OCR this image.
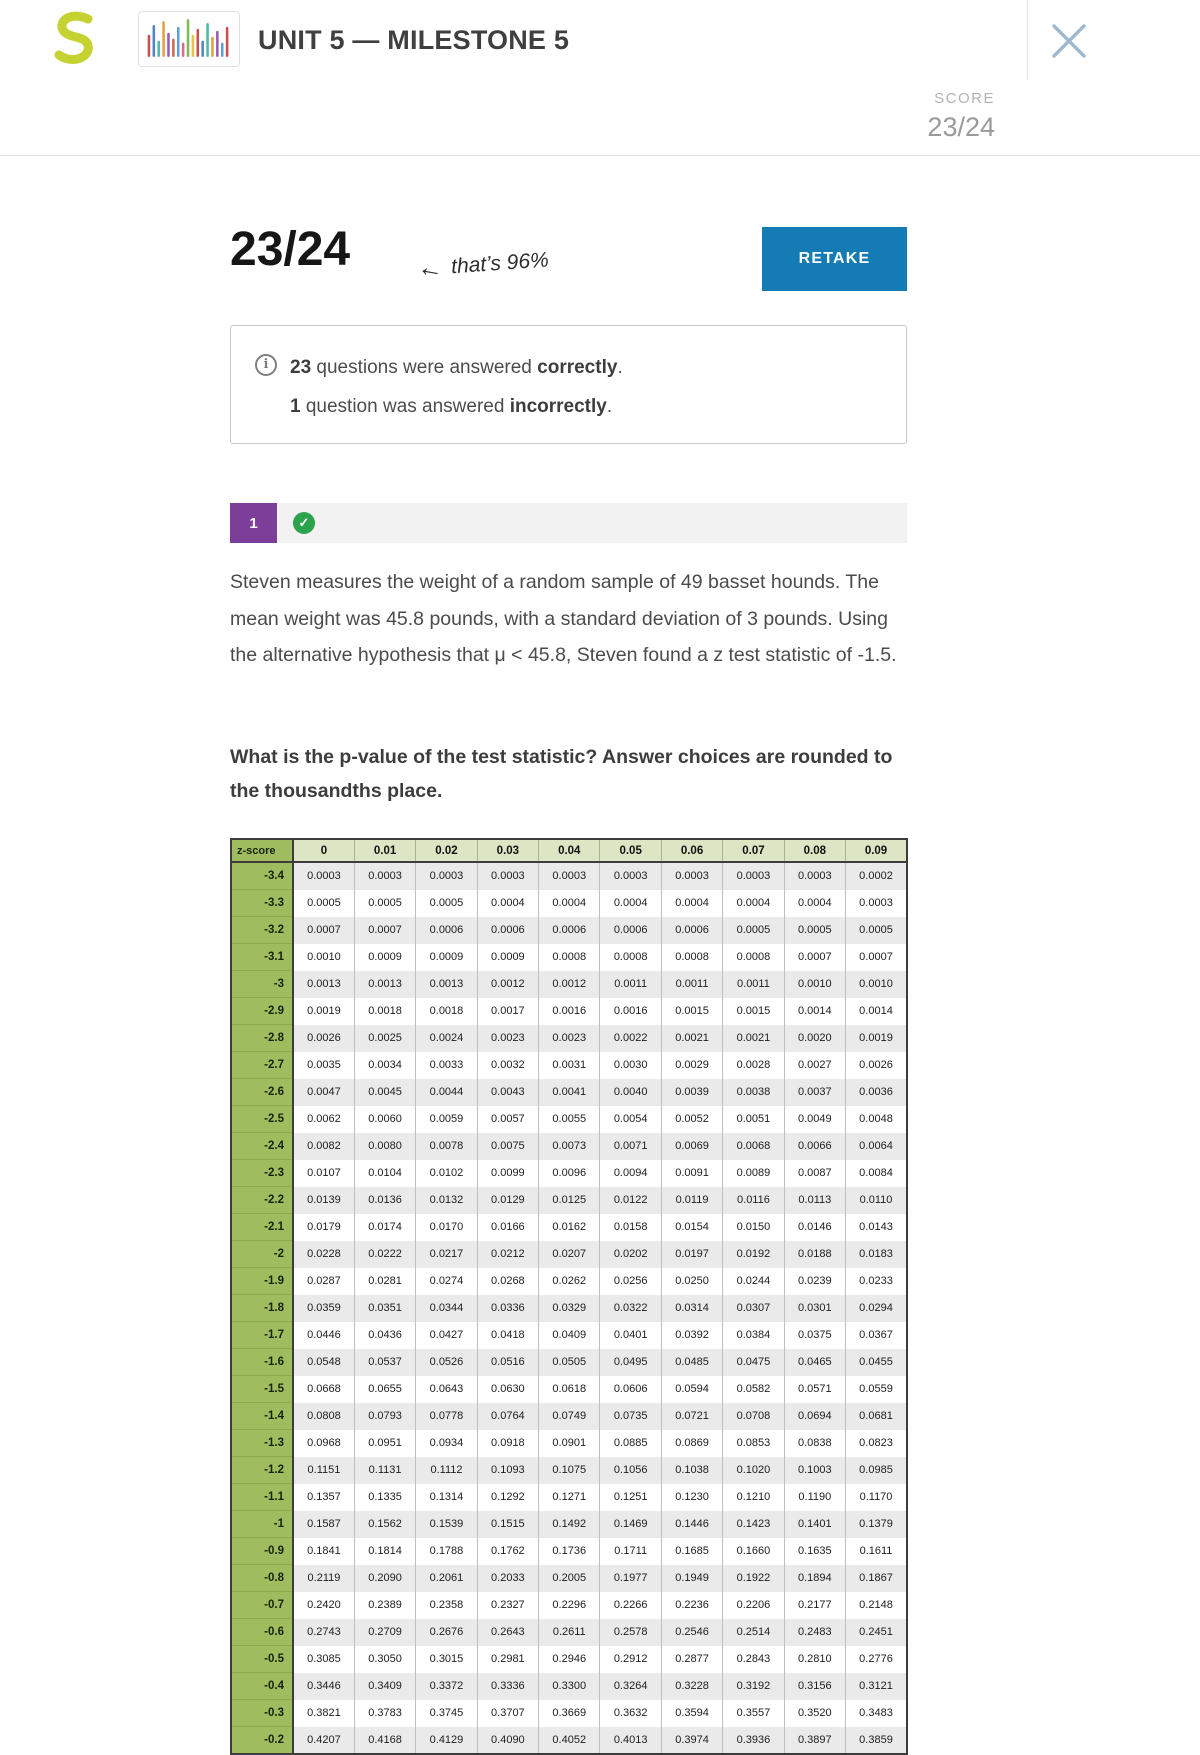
UNIT 5 — MILESTONE 5
SCORE
23/24
23/24	← that’s 96%	RETAKE
i	23 questions were answered correctly.
1 question was answered incorrectly.
1	✓
Steven measures the weight of a random sample of 49 basset hounds. The mean weight was 45.8 pounds, with a standard deviation of 3 pounds. Using the alternative hypothesis that μ < 45.8, Steven found a z test statistic of -1.5.
What is the p-value of the test statistic? Answer choices are rounded to the thousandths place.
z-score	0	0.01	0.02	0.03	0.04	0.05	0.06	0.07	0.08	0.09
-3.4	0.0003	0.0003	0.0003	0.0003	0.0003	0.0003	0.0003	0.0003	0.0003	0.0002
-3.3	0.0005	0.0005	0.0005	0.0004	0.0004	0.0004	0.0004	0.0004	0.0004	0.0003
-3.2	0.0007	0.0007	0.0006	0.0006	0.0006	0.0006	0.0006	0.0005	0.0005	0.0005
-3.1	0.0010	0.0009	0.0009	0.0009	0.0008	0.0008	0.0008	0.0008	0.0007	0.0007
-3	0.0013	0.0013	0.0013	0.0012	0.0012	0.0011	0.0011	0.0011	0.0010	0.0010
-2.9	0.0019	0.0018	0.0018	0.0017	0.0016	0.0016	0.0015	0.0015	0.0014	0.0014
-2.8	0.0026	0.0025	0.0024	0.0023	0.0023	0.0022	0.0021	0.0021	0.0020	0.0019
-2.7	0.0035	0.0034	0.0033	0.0032	0.0031	0.0030	0.0029	0.0028	0.0027	0.0026
-2.6	0.0047	0.0045	0.0044	0.0043	0.0041	0.0040	0.0039	0.0038	0.0037	0.0036
-2.5	0.0062	0.0060	0.0059	0.0057	0.0055	0.0054	0.0052	0.0051	0.0049	0.0048
-2.4	0.0082	0.0080	0.0078	0.0075	0.0073	0.0071	0.0069	0.0068	0.0066	0.0064
-2.3	0.0107	0.0104	0.0102	0.0099	0.0096	0.0094	0.0091	0.0089	0.0087	0.0084
-2.2	0.0139	0.0136	0.0132	0.0129	0.0125	0.0122	0.0119	0.0116	0.0113	0.0110
-2.1	0.0179	0.0174	0.0170	0.0166	0.0162	0.0158	0.0154	0.0150	0.0146	0.0143
-2	0.0228	0.0222	0.0217	0.0212	0.0207	0.0202	0.0197	0.0192	0.0188	0.0183
-1.9	0.0287	0.0281	0.0274	0.0268	0.0262	0.0256	0.0250	0.0244	0.0239	0.0233
-1.8	0.0359	0.0351	0.0344	0.0336	0.0329	0.0322	0.0314	0.0307	0.0301	0.0294
-1.7	0.0446	0.0436	0.0427	0.0418	0.0409	0.0401	0.0392	0.0384	0.0375	0.0367
-1.6	0.0548	0.0537	0.0526	0.0516	0.0505	0.0495	0.0485	0.0475	0.0465	0.0455
-1.5	0.0668	0.0655	0.0643	0.0630	0.0618	0.0606	0.0594	0.0582	0.0571	0.0559
-1.4	0.0808	0.0793	0.0778	0.0764	0.0749	0.0735	0.0721	0.0708	0.0694	0.0681
-1.3	0.0968	0.0951	0.0934	0.0918	0.0901	0.0885	0.0869	0.0853	0.0838	0.0823
-1.2	0.1151	0.1131	0.1112	0.1093	0.1075	0.1056	0.1038	0.1020	0.1003	0.0985
-1.1	0.1357	0.1335	0.1314	0.1292	0.1271	0.1251	0.1230	0.1210	0.1190	0.1170
-1	0.1587	0.1562	0.1539	0.1515	0.1492	0.1469	0.1446	0.1423	0.1401	0.1379
-0.9	0.1841	0.1814	0.1788	0.1762	0.1736	0.1711	0.1685	0.1660	0.1635	0.1611
-0.8	0.2119	0.2090	0.2061	0.2033	0.2005	0.1977	0.1949	0.1922	0.1894	0.1867
-0.7	0.2420	0.2389	0.2358	0.2327	0.2296	0.2266	0.2236	0.2206	0.2177	0.2148
-0.6	0.2743	0.2709	0.2676	0.2643	0.2611	0.2578	0.2546	0.2514	0.2483	0.2451
-0.5	0.3085	0.3050	0.3015	0.2981	0.2946	0.2912	0.2877	0.2843	0.2810	0.2776
-0.4	0.3446	0.3409	0.3372	0.3336	0.3300	0.3264	0.3228	0.3192	0.3156	0.3121
-0.3	0.3821	0.3783	0.3745	0.3707	0.3669	0.3632	0.3594	0.3557	0.3520	0.3483
-0.2	0.4207	0.4168	0.4129	0.4090	0.4052	0.4013	0.3974	0.3936	0.3897	0.3859
